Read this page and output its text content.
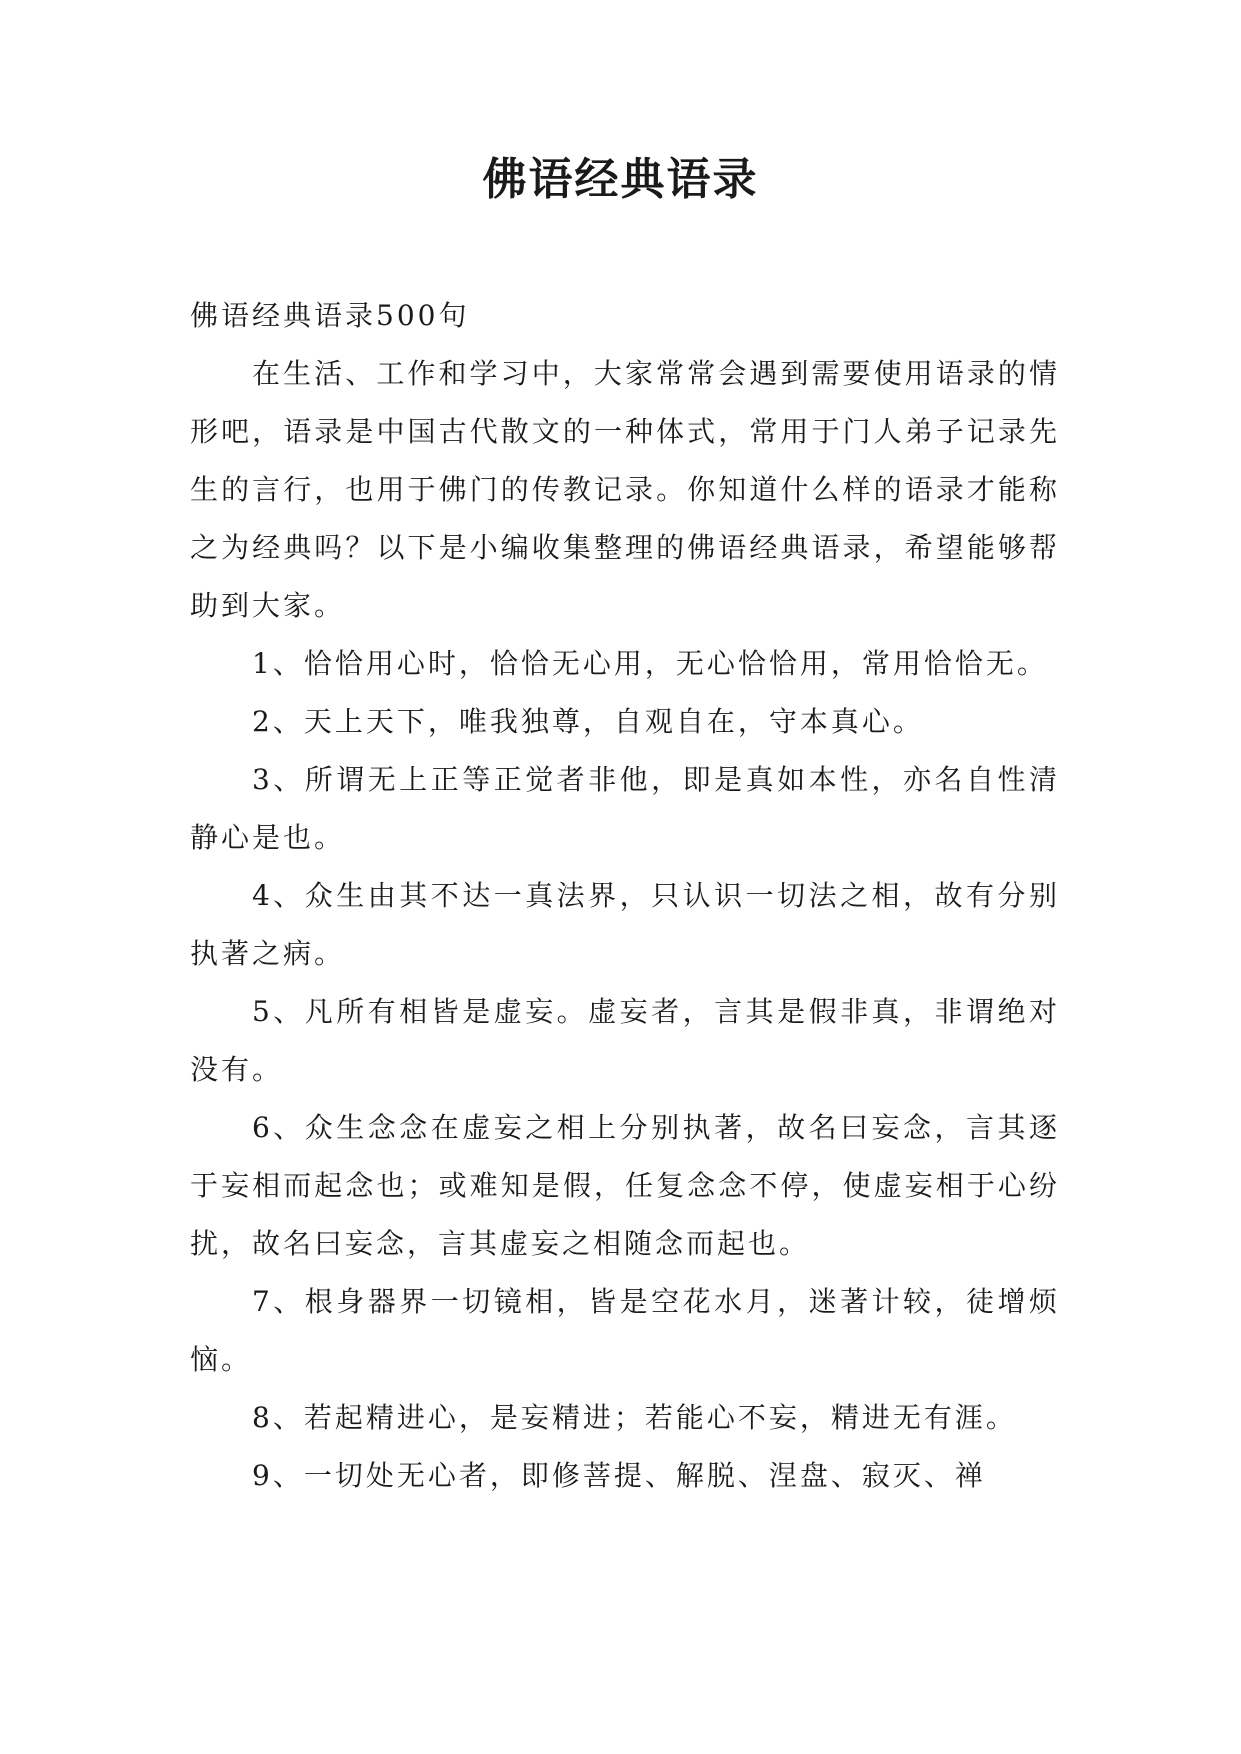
佛语经典语录

佛语经典语录500句

在生活、工作和学习中，大家常常会遇到需要使用语录的情形吧，语录是中国古代散文的一种体式，常用于门人弟子记录先生的言行，也用于佛门的传教记录。你知道什么样的语录才能称之为经典吗？以下是小编收集整理的佛语经典语录，希望能够帮助到大家。

1、恰恰用心时，恰恰无心用，无心恰恰用，常用恰恰无。

2、天上天下，唯我独尊，自观自在，守本真心。

3、所谓无上正等正觉者非他，即是真如本性，亦名自性清静心是也。

4、众生由其不达一真法界，只认识一切法之相，故有分别执著之病。

5、凡所有相皆是虚妄。虚妄者，言其是假非真，非谓绝对没有。

6、众生念念在虚妄之相上分别执著，故名曰妄念，言其逐于妄相而起念也；或难知是假，任复念念不停，使虚妄相于心纷扰，故名曰妄念，言其虚妄之相随念而起也。

7、根身器界一切镜相，皆是空花水月，迷著计较，徒增烦恼。

8、若起精进心，是妄精进；若能心不妄，精进无有涯。

9、一切处无心者，即修菩提、解脱、涅盘、寂灭、禅
